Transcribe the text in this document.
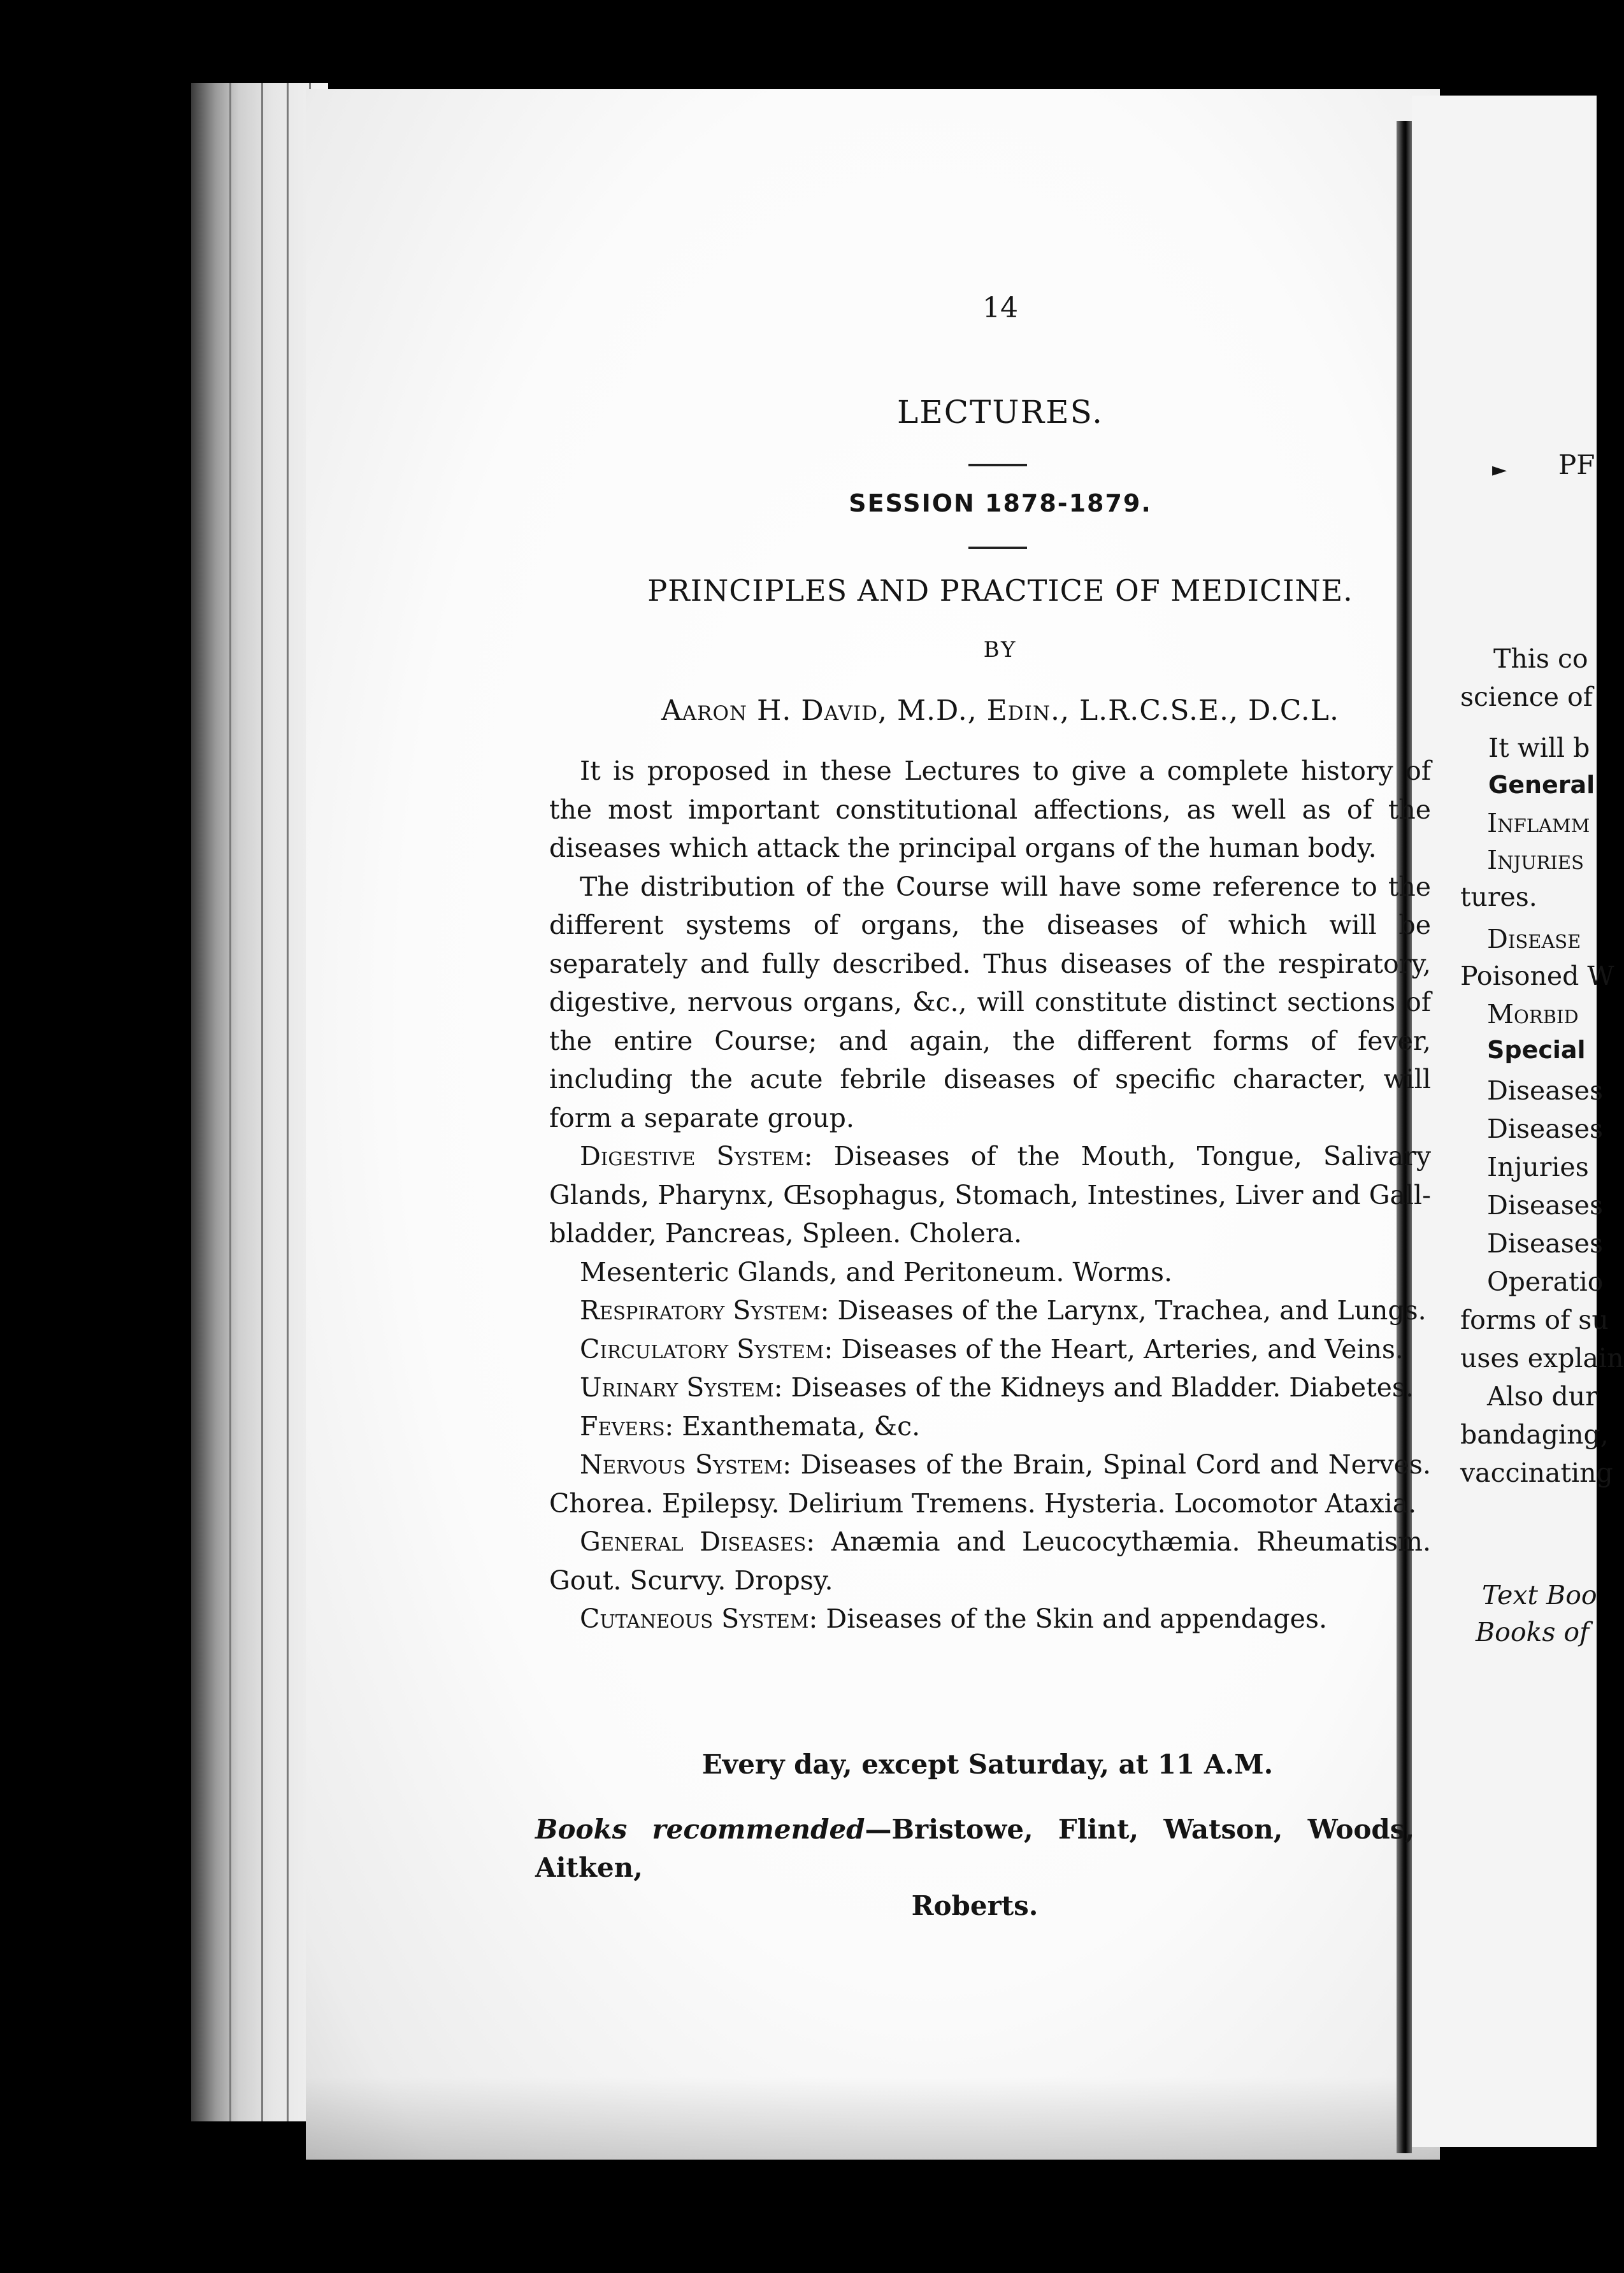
14
LECTURES.
SESSION 1878-1879.
PRINCIPLES AND PRACTICE OF MEDICINE.
BY
Aaron H. David, M.D., Edin., L.R.C.S.E., D.C.L.

It is proposed in these Lectures to give a complete history of the most important constitutional affections, as well as of the diseases which attack the principal organs of the human body.

The distribution of the Course will have some reference to the different systems of organs, the diseases of which will be separately and fully described. Thus diseases of the respiratory, digestive, nervous organs, &c., will constitute distinct sections of the entire Course; and again, the different forms of fever, including the acute febrile diseases of specific character, will form a separate group.

Digestive System: Diseases of the Mouth, Tongue, Salivary Glands, Pharynx, Œsophagus, Stomach, Intestines, Liver and Gall-bladder, Pancreas, Spleen. Cholera.
Mesenteric Glands, and Peritoneum. Worms.
Respiratory System: Diseases of the Larynx, Trachea, and Lungs.
Circulatory System: Diseases of the Heart, Arteries, and Veins.
Urinary System: Diseases of the Kidneys and Bladder. Diabetes.
Fevers: Exanthemata, &c.
Nervous System: Diseases of the Brain, Spinal Cord and Nerves. Chorea. Epilepsy. Delirium Tremens. Hysteria. Locomotor Ataxia.
General Diseases: Anæmia and Leucocythæmia. Rheumatism. Gout. Scurvy. Dropsy.
Cutaneous System: Diseases of the Skin and appendages.
Every day, except Saturday, at 11 A.M.
Books recommended—Bristowe, Flint, Watson, Woods, Aitken,
Roberts.
► PF
This co
science of
It will b
General
Inflamm
Injuries
tures.
Disease
Poisoned W
Morbid
Special
Diseases
Diseases
Injuries
Diseases
Diseases
Operatio
forms of su
uses explain
Also dur
bandaging,
vaccinating
Text Boo
Books of
